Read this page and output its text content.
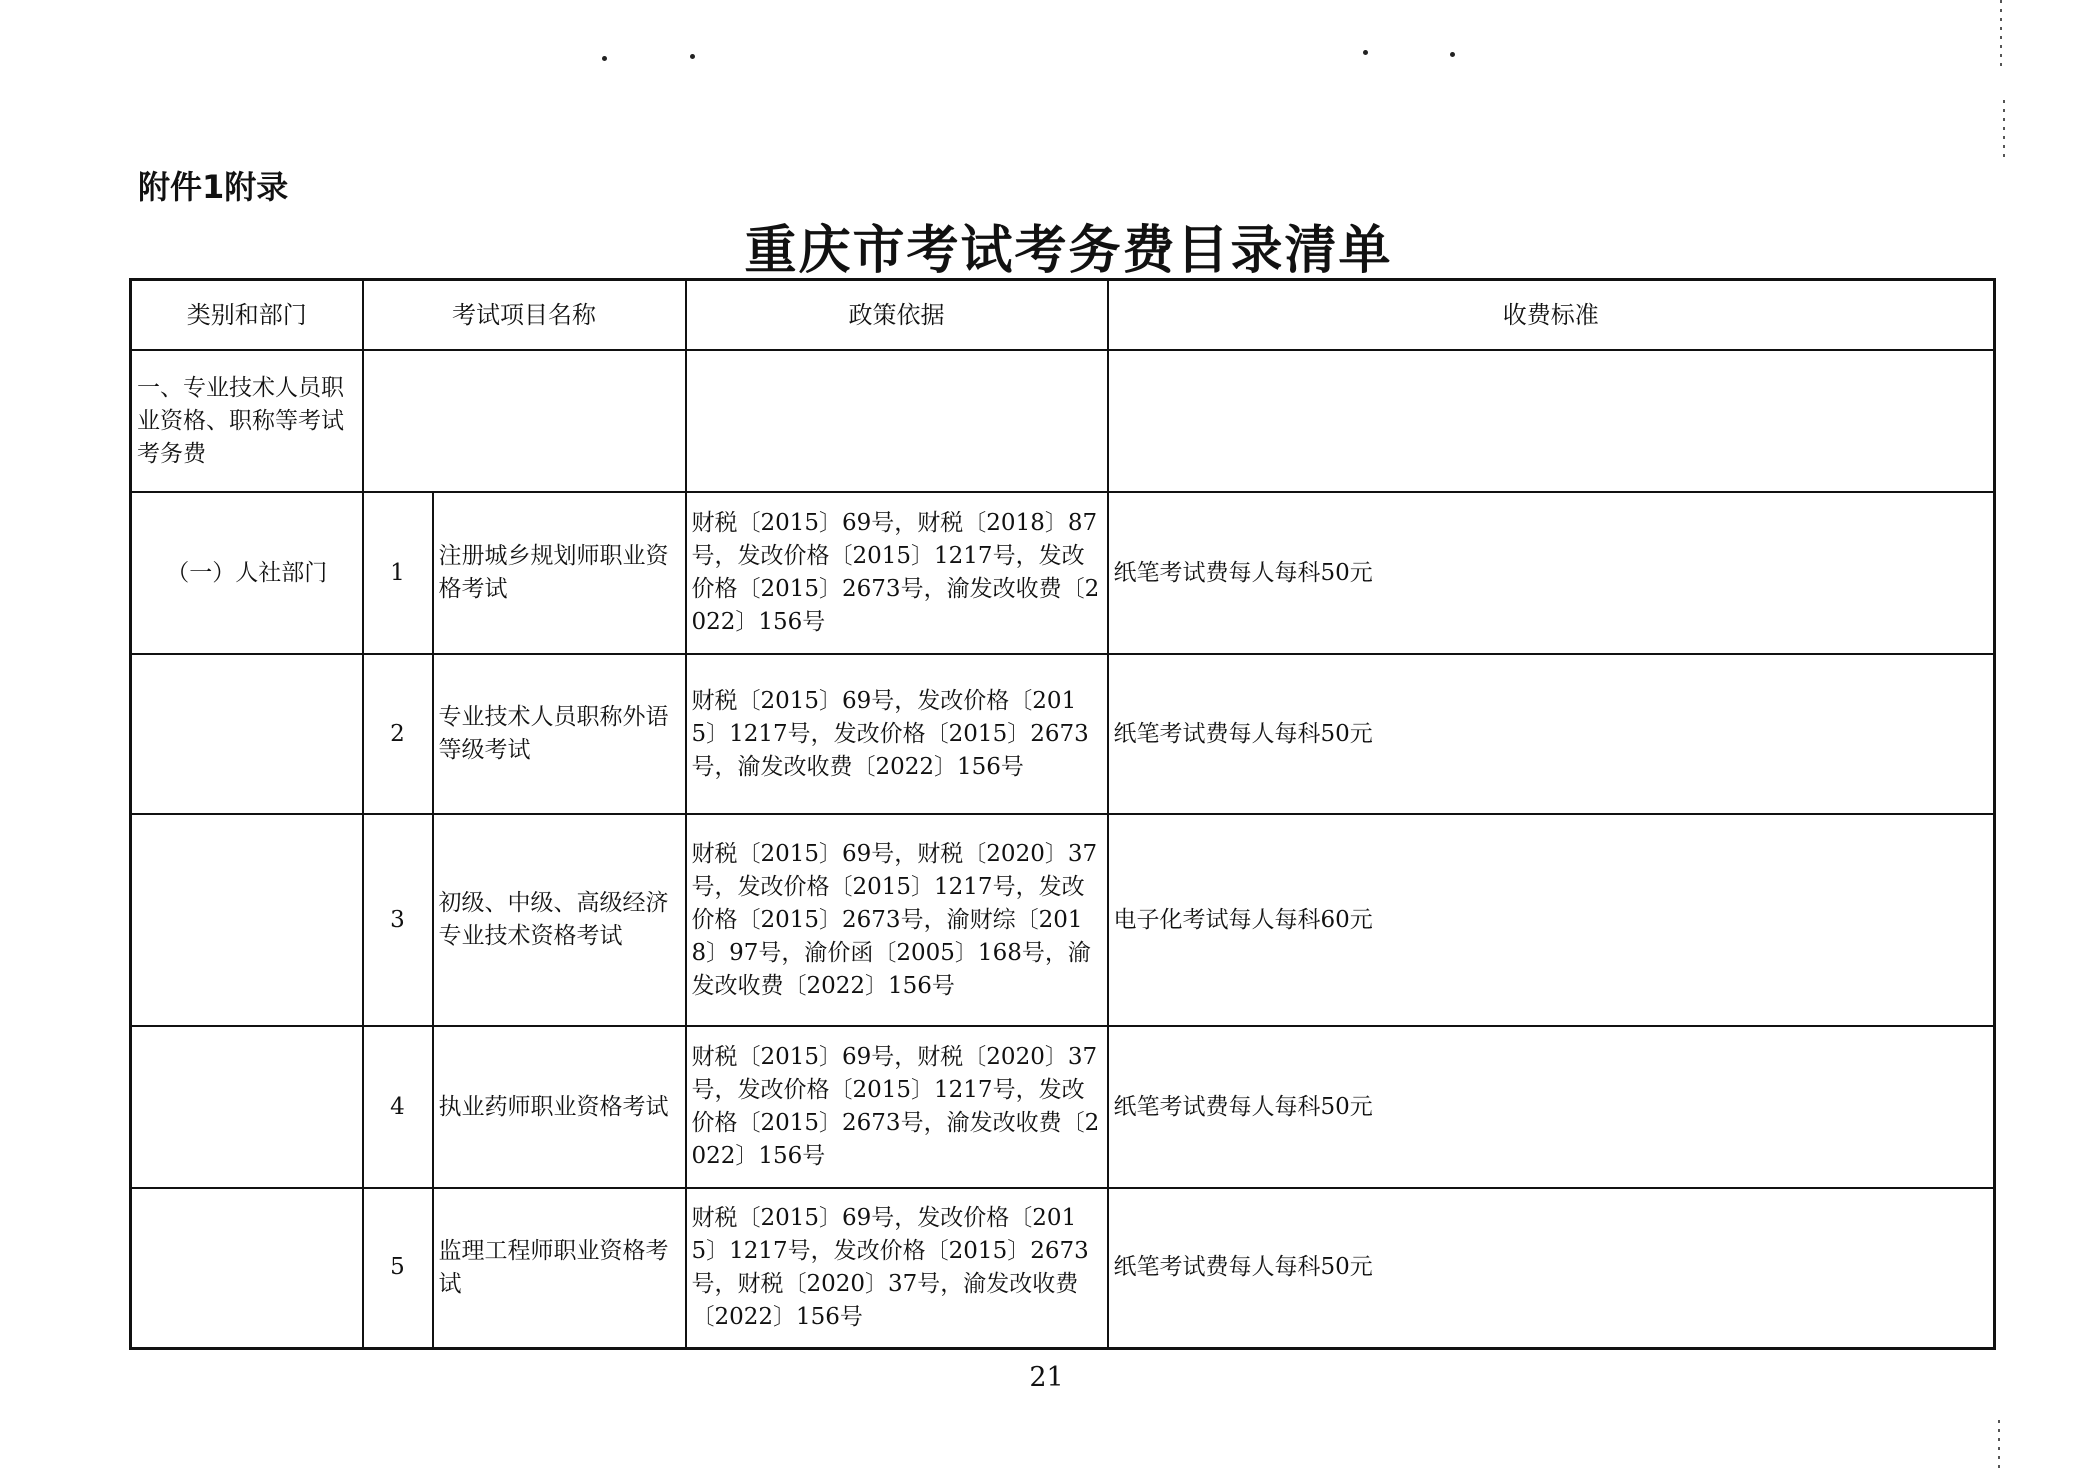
附件1附录
重庆市考试考务费目录清单
类别和部门	考试项目名称		政策依据	收费标准
一、专业技术人员职业资格、职称等考试考务费				
（一）人社部门	1	注册城乡规划师职业资格考试	财税〔2015〕69号，财税〔2018〕87号，发改价格〔2015〕1217号，发改价格〔2015〕2673号，渝发改收费〔2022〕156号	纸笔考试费每人每科50元
	2	专业技术人员职称外语等级考试	财税〔2015〕69号，发改价格〔2015〕1217号，发改价格〔2015〕2673号，渝发改收费〔2022〕156号	纸笔考试费每人每科50元
	3	初级、中级、高级经济专业技术资格考试	财税〔2015〕69号，财税〔2020〕37号，发改价格〔2015〕1217号，发改价格〔2015〕2673号，渝财综〔2018〕97号，渝价函〔2005〕168号，渝发改收费〔2022〕156号	电子化考试每人每科60元
	4	执业药师职业资格考试	财税〔2015〕69号，财税〔2020〕37号，发改价格〔2015〕1217号，发改价格〔2015〕2673号，渝发改收费〔2022〕156号	纸笔考试费每人每科50元
	5	监理工程师职业资格考试	财税〔2015〕69号，发改价格〔2015〕1217号，发改价格〔2015〕2673号，财税〔2020〕37号，渝发改收费〔2022〕156号	纸笔考试费每人每科50元
21
